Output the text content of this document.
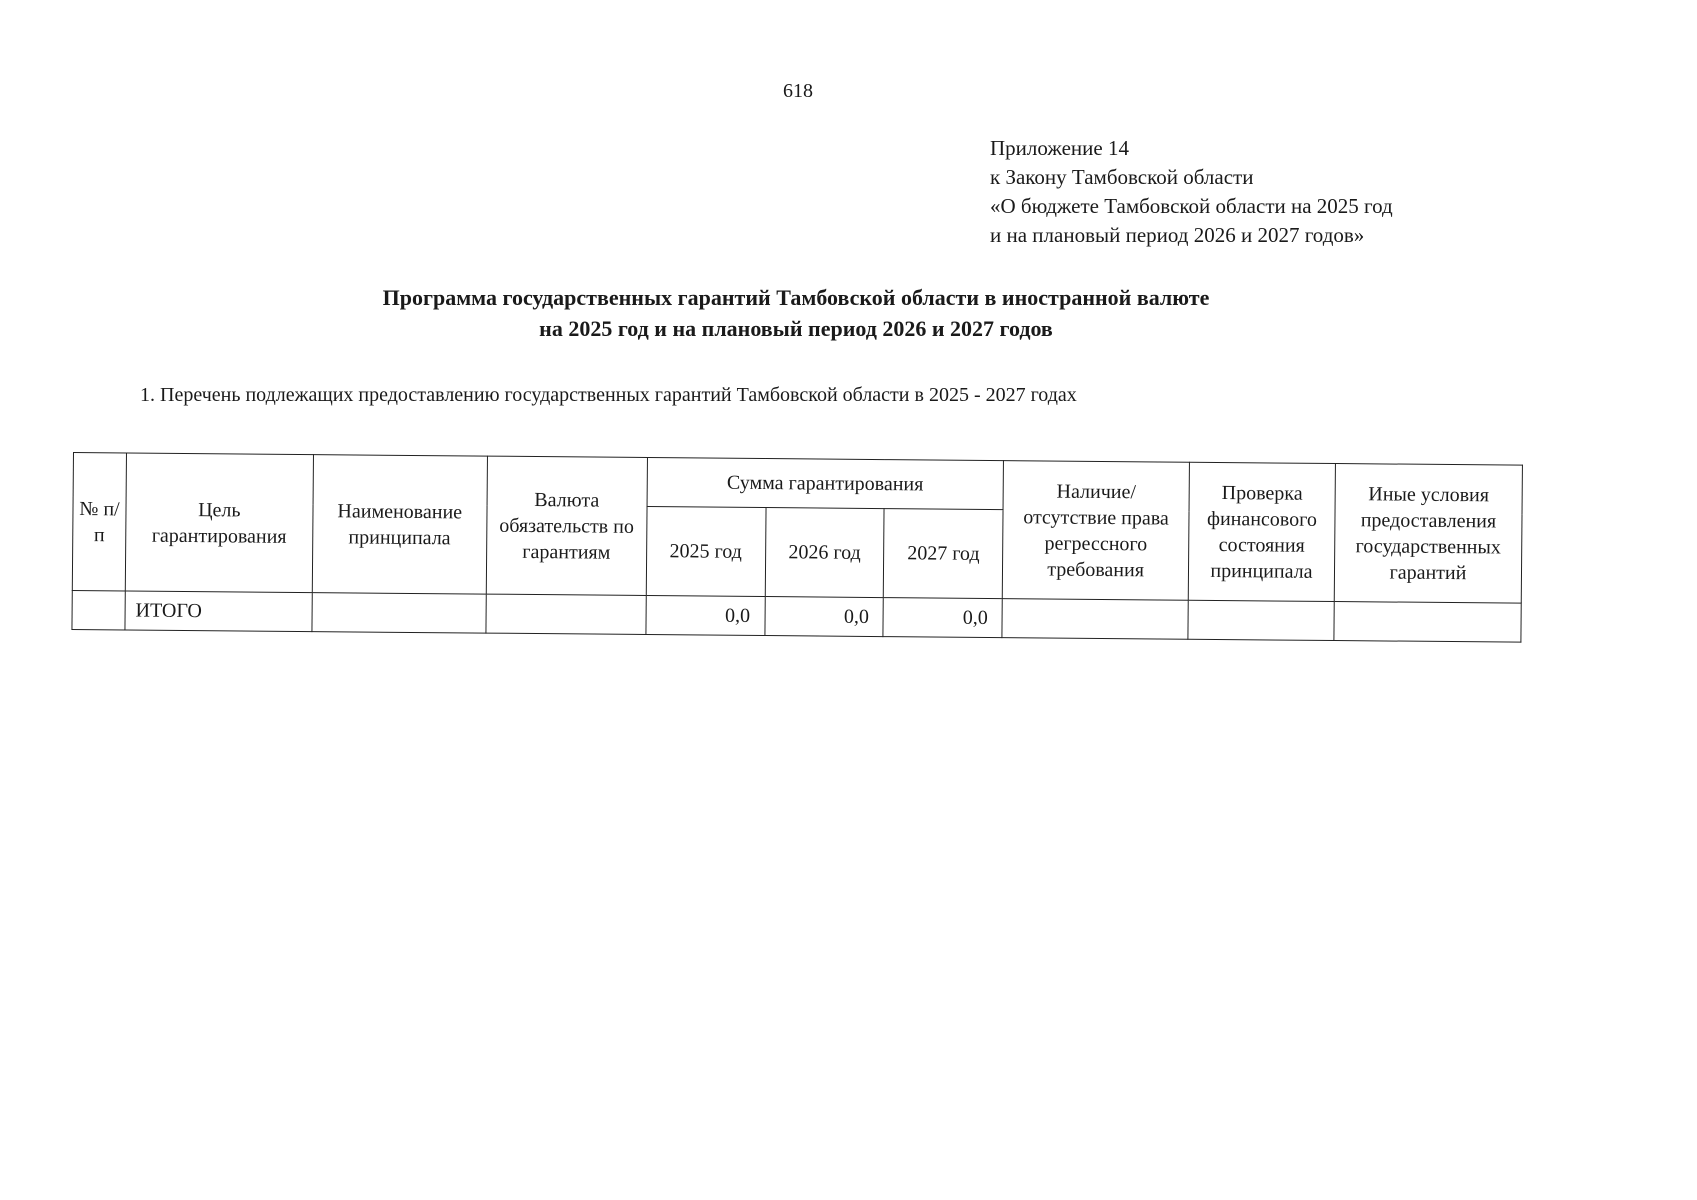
618
Приложение 14
к Закону Тамбовской области
«О бюджете Тамбовской области на 2025 год
и на плановый период 2026 и 2027 годов»
Программа государственных гарантий Тамбовской области в иностранной валюте
на 2025 год и на плановый период 2026 и 2027 годов
1. Перечень подлежащих предоставлению государственных гарантий Тамбовской области в 2025 - 2027 годах
№ п/п	Цель гарантирования	Наименование принципала	Валюта обязательств по гарантиям	Сумма гарантирования			Наличие/ отсутствие права регрессного требования	Проверка финансового состояния принципала	Иные условия предоставления государственных гарантий
				2025 год	2026 год	2027 год			
	ИТОГО			0,0	0,0	0,0			
